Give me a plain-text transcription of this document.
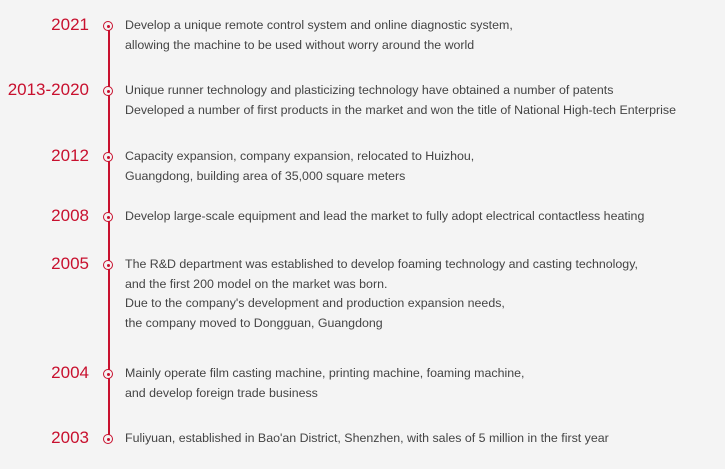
2021	Develop a unique remote control system and online diagnostic system,
allowing the machine to be used without worry around the world
2013-2020	Unique runner technology and plasticizing technology have obtained a number of patents
Developed a number of first products in the market and won the title of National High-tech Enterprise
2012	Capacity expansion, company expansion, relocated to Huizhou,
Guangdong, building area of 35,000 square meters
2008	Develop large-scale equipment and lead the market to fully adopt electrical contactless heating
2005	The R&D department was established to develop foaming technology and casting technology,
and the first 200 model on the market was born.
Due to the company's development and production expansion needs,
the company moved to Dongguan, Guangdong
2004	Mainly operate film casting machine, printing machine, foaming machine,
and develop foreign trade business
2003	Fuliyuan, established in Bao'an District, Shenzhen, with sales of 5 million in the first year
